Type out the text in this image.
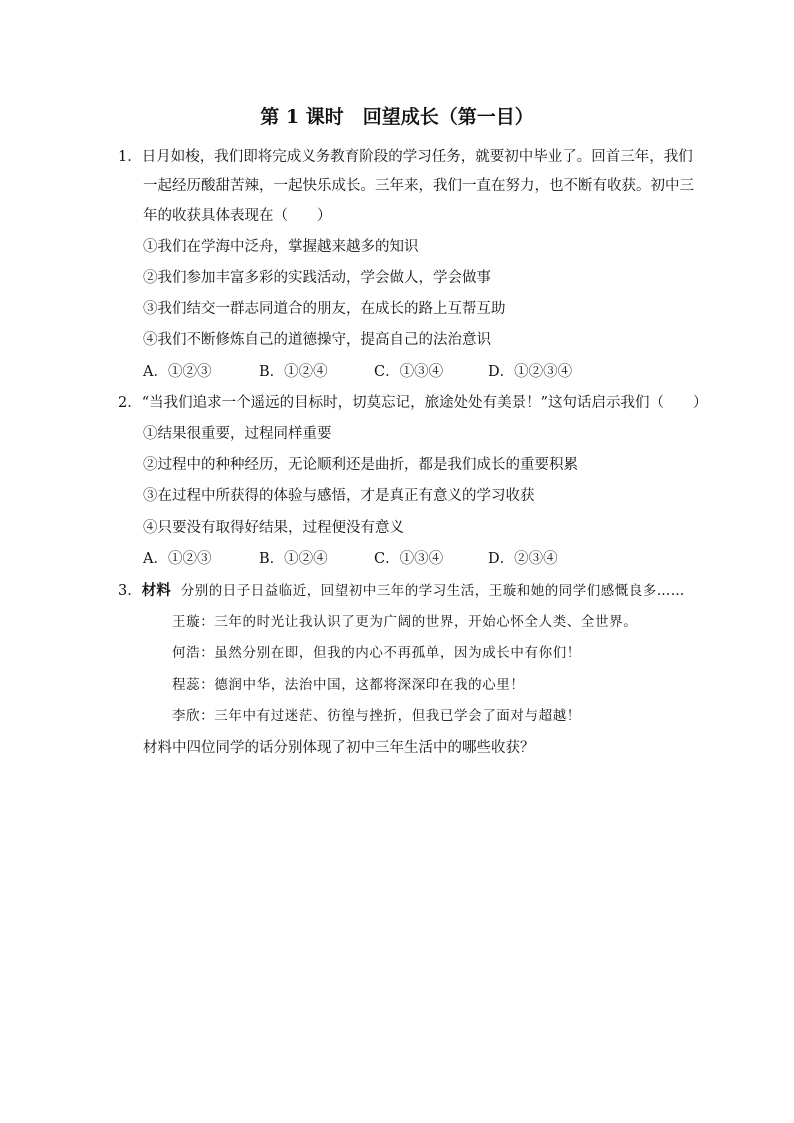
第 1 课时　回望成长（第一目）
1．日月如梭，我们即将完成义务教育阶段的学习任务，就要初中毕业了。回首三年，我们
一起经历酸甜苦辣，一起快乐成长。三年来，我们一直在努力，也不断有收获。初中三
年的收获具体表现在（　　）
①我们在学海中泛舟，掌握越来越多的知识
②我们参加丰富多彩的实践活动，学会做人，学会做事
③我们结交一群志同道合的朋友，在成长的路上互帮互助
④我们不断修炼自己的道德操守，提高自己的法治意识
A．①②③	B．①②④	C．①③④	D．①②③④
2．“当我们追求一个遥远的目标时，切莫忘记，旅途处处有美景！”这句话启示我们（　　）
①结果很重要，过程同样重要
②过程中的种种经历，无论顺利还是曲折，都是我们成长的重要积累
③在过程中所获得的体验与感悟，才是真正有意义的学习收获
④只要没有取得好结果，过程便没有意义
A．①②③	B．①②④	C．①③④	D．②③④
3．材料 分别的日子日益临近，回望初中三年的学习生活，王璇和她的同学们感慨良多……
王璇：三年的时光让我认识了更为广阔的世界，开始心怀全人类、全世界。
何浩：虽然分别在即，但我的内心不再孤单，因为成长中有你们！
程蕊：德润中华，法治中国，这都将深深印在我的心里！
李欣：三年中有过迷茫、彷徨与挫折，但我已学会了面对与超越！
材料中四位同学的话分别体现了初中三年生活中的哪些收获？
